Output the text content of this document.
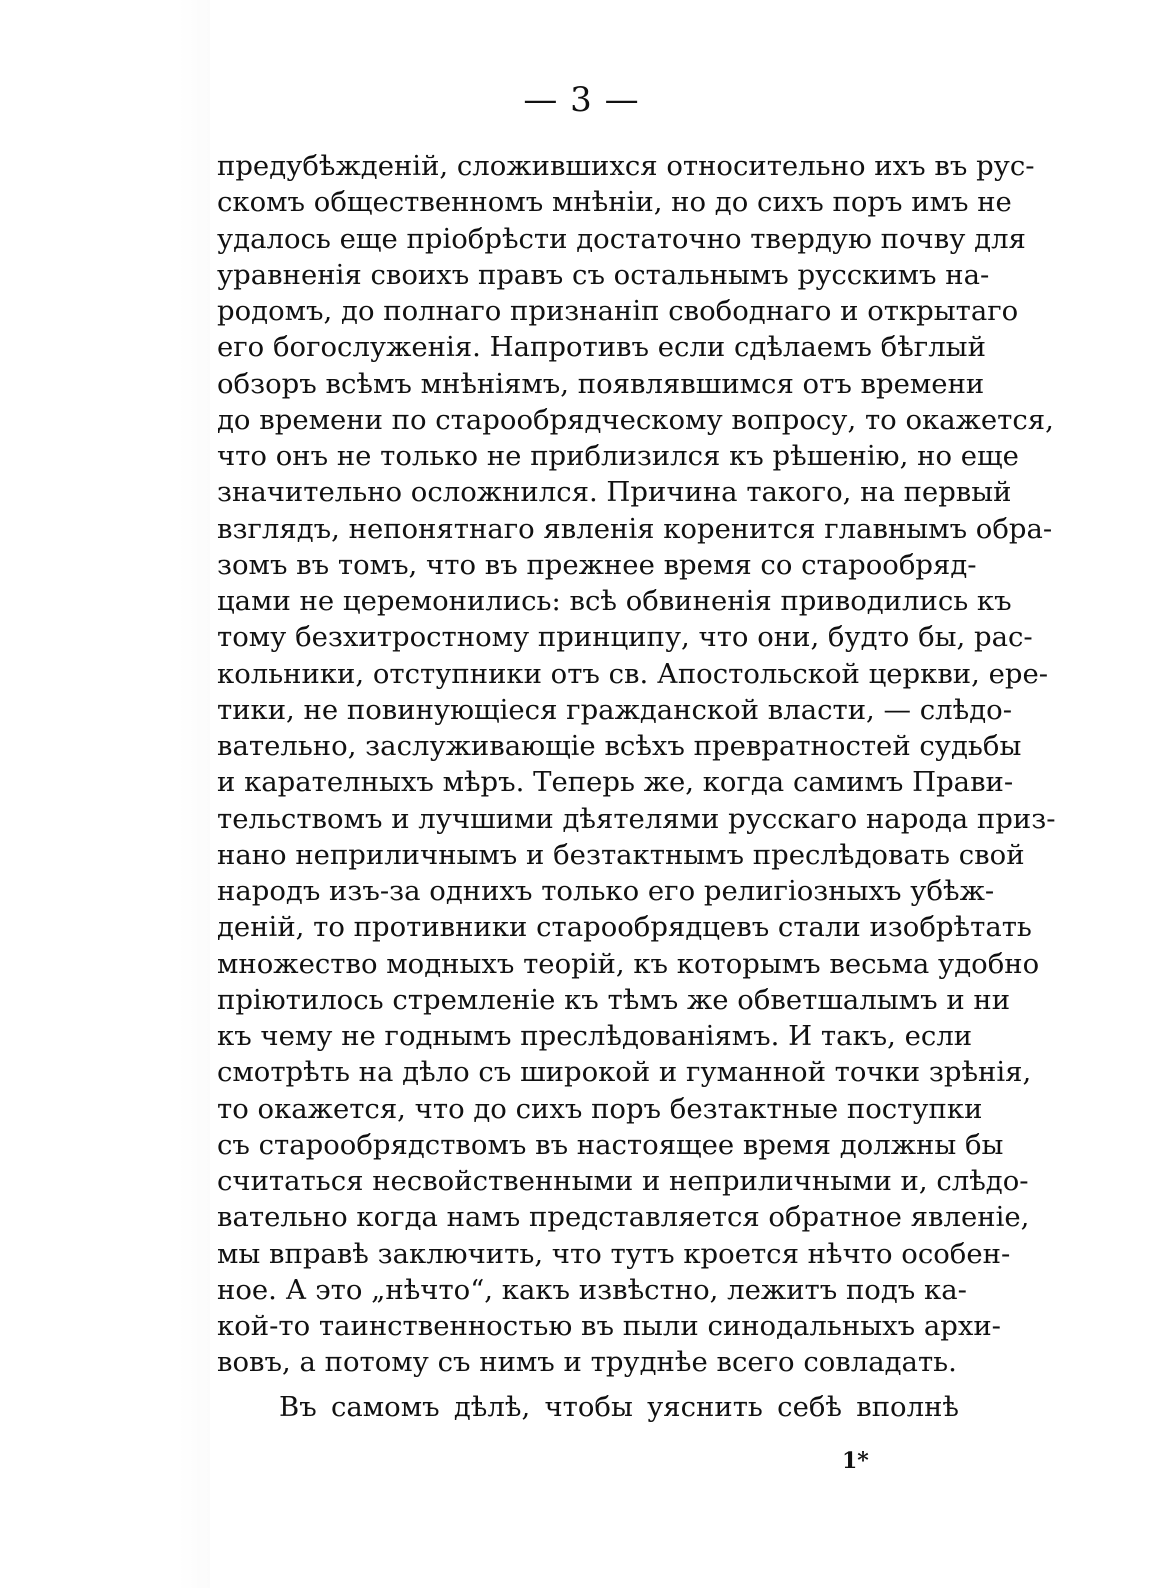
— 3 —
предубѣжденій, сложившихся относительно ихъ въ рус-
скомъ общественномъ мнѣніи, но до сихъ поръ имъ не
удалось еще пріобрѣсти достаточно твердую почву для
уравненія своихъ правъ съ остальнымъ русскимъ на-
родомъ, до полнаго признаніп свободнаго и открытаго
его богослуженія. Напротивъ если сдѣлаемъ бѣглый
обзоръ всѣмъ мнѣніямъ, появлявшимся отъ времени
до времени по старообрядческому вопросу, то окажется,
что онъ не только не приблизился къ рѣшенію, но еще
значительно осложнился. Причина такого, на первый
взглядъ, непонятнаго явленія коренится главнымъ обра-
зомъ въ томъ, что въ прежнее время со старообряд-
цами не церемонились: всѣ обвиненія приводились къ
тому безхитростному принципу, что они, будто бы, рас-
кольники, отступники отъ св. Апостольской церкви, ере-
тики, не повинующіеся гражданской власти, — слѣдо-
вательно, заслуживающіе всѣхъ превратностей судьбы
и карателныхъ мѣръ. Теперь же, когда самимъ Прави-
тельствомъ и лучшими дѣятелями русскаго народа приз-
нано неприличнымъ и безтактнымъ преслѣдовать свой
народъ изъ-за однихъ только его религіозныхъ убѣж-
деній, то противники старообрядцевъ стали изобрѣтать
множество модныхъ теорій, къ которымъ весьма удобно
пріютилось стремленіе къ тѣмъ же обветшалымъ и ни
къ чему не годнымъ преслѣдованіямъ. И такъ, если
смотрѣть на дѣло съ широкой и гуманной точки зрѣнія,
то окажется, что до сихъ поръ безтактные поступки
съ старообрядствомъ въ настоящее время должны бы
считаться несвойственными и неприличными и, слѣдо-
вательно когда намъ представляется обратное явленіе,
мы вправѣ заключить, что тутъ кроется нѣчто особен-
ное. А это „нѣчто“, какъ извѣстно, лежитъ подъ ка-
кой-то таинственностью въ пыли синодальныхъ архи-
вовъ, а потому съ нимъ и труднѣе всего совладать.
Въ самомъ дѣлѣ, чтобы уяснить себѣ вполнѣ
1*
